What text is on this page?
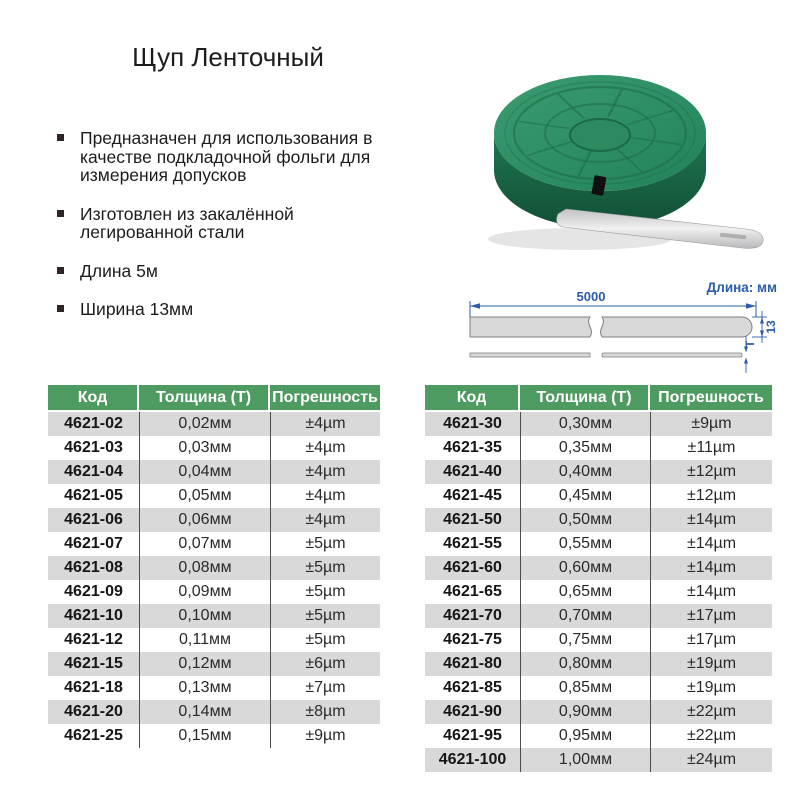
Щуп Ленточный
Предназначен для использования в качестве подкладочной фольги для измерения допусков
Изготовлен из закалённой легированной стали
Длина 5м
Ширина 13мм
Длина: мм
5000
13
T
Код	Толщина (Т)	Погрешность
4621-02	0,02мм	±4µm
4621-03	0,03мм	±4µm
4621-04	0,04мм	±4µm
4621-05	0,05мм	±4µm
4621-06	0,06мм	±4µm
4621-07	0,07мм	±5µm
4621-08	0,08мм	±5µm
4621-09	0,09мм	±5µm
4621-10	0,10мм	±5µm
4621-12	0,11мм	±5µm
4621-15	0,12мм	±6µm
4621-18	0,13мм	±7µm
4621-20	0,14мм	±8µm
4621-25	0,15мм	±9µm
Код	Толщина (Т)	Погрешность
4621-30	0,30мм	±9µm
4621-35	0,35мм	±11µm
4621-40	0,40мм	±12µm
4621-45	0,45мм	±12µm
4621-50	0,50мм	±14µm
4621-55	0,55мм	±14µm
4621-60	0,60мм	±14µm
4621-65	0,65мм	±14µm
4621-70	0,70мм	±17µm
4621-75	0,75мм	±17µm
4621-80	0,80мм	±19µm
4621-85	0,85мм	±19µm
4621-90	0,90мм	±22µm
4621-95	0,95мм	±22µm
4621-100	1,00мм	±24µm
